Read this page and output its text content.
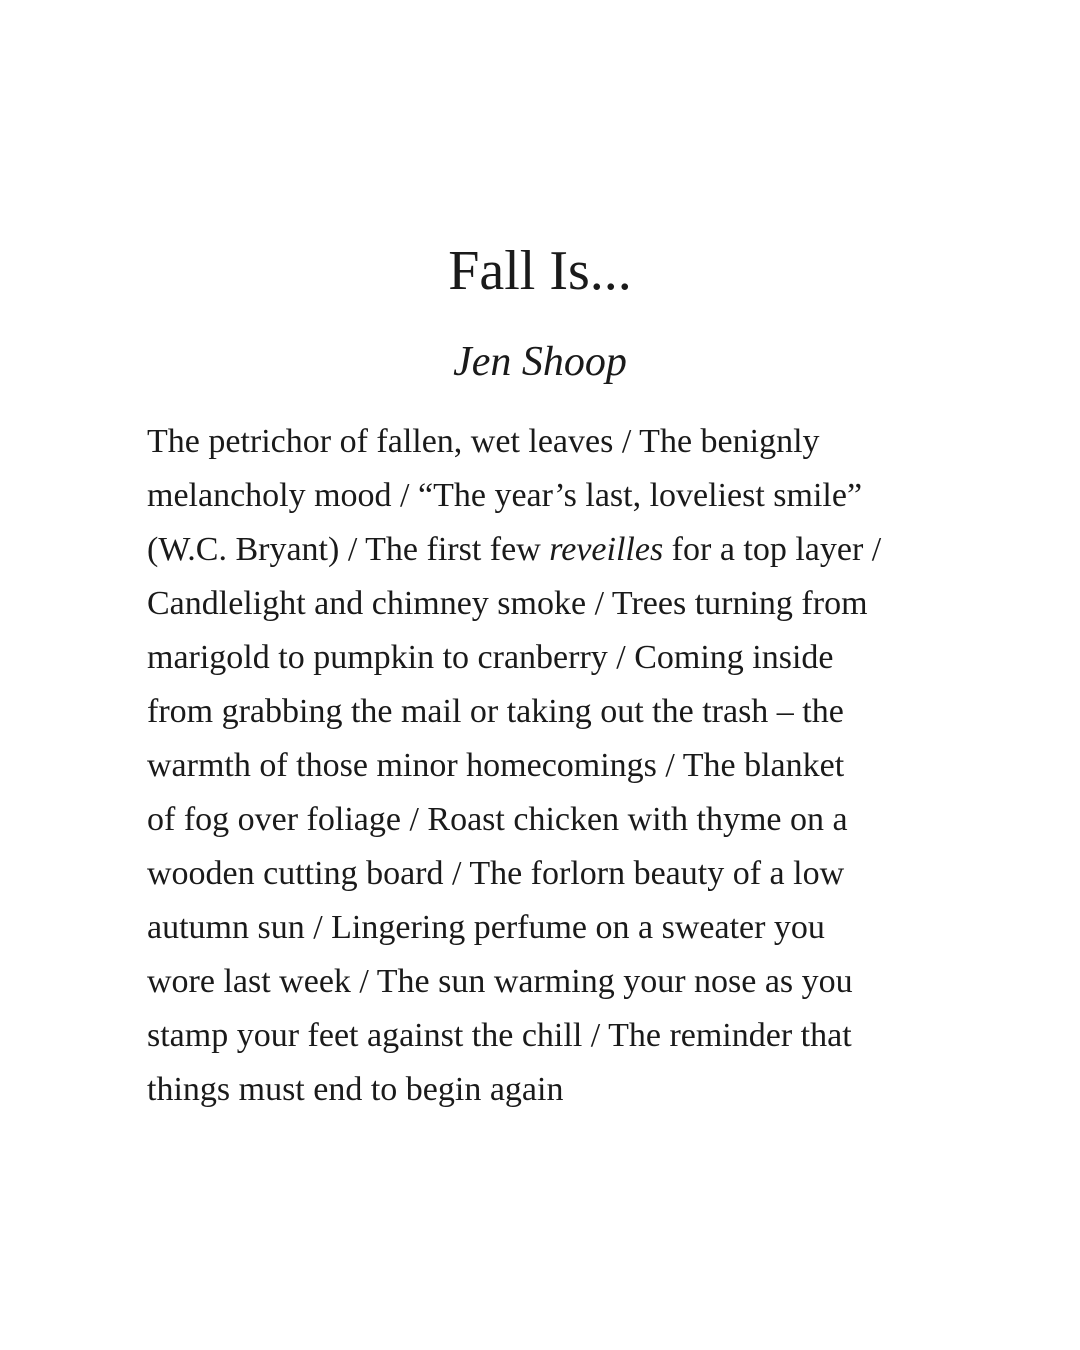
Fall Is...
Jen Shoop
The petrichor of fallen, wet leaves / The benignly
melancholy mood / “The year’s last, loveliest smile”
(W.C. Bryant) / The first few reveilles for a top layer /
Candlelight and chimney smoke / Trees turning from
marigold to pumpkin to cranberry / Coming inside
from grabbing the mail or taking out the trash – the
warmth of those minor homecomings / The blanket
of fog over foliage / Roast chicken with thyme on a
wooden cutting board / The forlorn beauty of a low
autumn sun / Lingering perfume on a sweater you
wore last week / The sun warming your nose as you
stamp your feet against the chill / The reminder that
things must end to begin again
